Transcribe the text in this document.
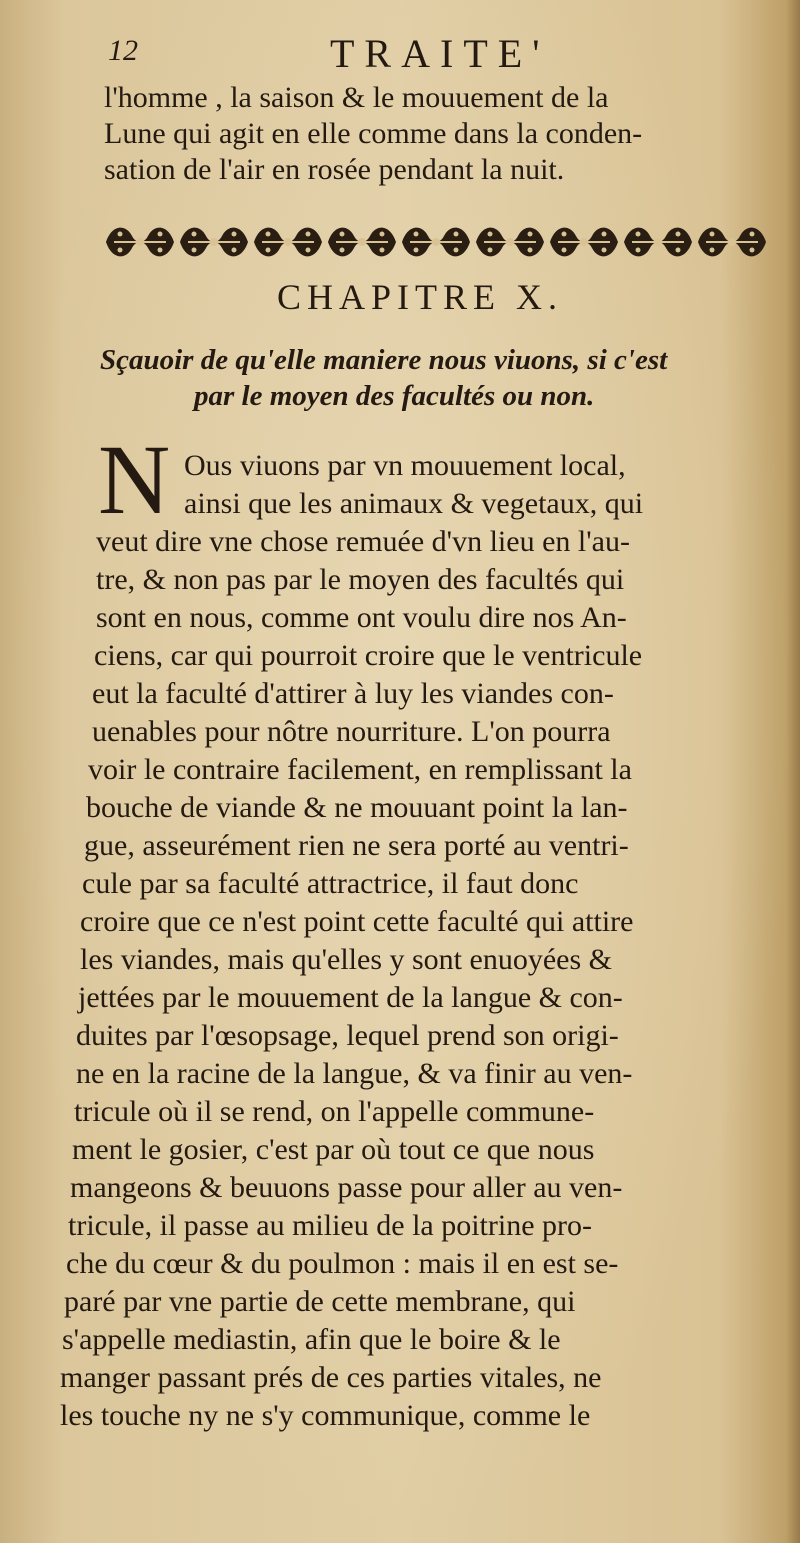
12	TRAITE'
l'homme , la saison & le mouuement de la
Lune qui agit en elle comme dans la conden-
sation de l'air en rosée pendant la nuit.
CHAPITRE X.
Sçauoir de qu'elle maniere nous viuons, si c'est
par le moyen des facultés ou non.
N Ous viuons par vn mouuement local,
ainsi que les animaux & vegetaux, qui
veut dire vne chose remuée d'vn lieu en l'au-
tre, & non pas par le moyen des facultés qui
sont en nous, comme ont voulu dire nos An-
ciens, car qui pourroit croire que le ventricule
eut la faculté d'attirer à luy les viandes con-
uenables pour nôtre nourriture. L'on pourra
voir le contraire facilement, en remplissant la
bouche de viande & ne mouuant point la lan-
gue, asseurément rien ne sera porté au ventri-
cule par sa faculté attractrice, il faut donc
croire que ce n'est point cette faculté qui attire
les viandes, mais qu'elles y sont enuoyées &
jettées par le mouuement de la langue & con-
duites par l'œsopsage, lequel prend son origi-
ne en la racine de la langue, & va finir au ven-
tricule où il se rend, on l'appelle commune-
ment le gosier, c'est par où tout ce que nous
mangeons & beuuons passe pour aller au ven-
tricule, il passe au milieu de la poitrine pro-
che du cœur & du poulmon : mais il en est se-
paré par vne partie de cette membrane, qui
s'appelle mediastin, afin que le boire & le
manger passant prés de ces parties vitales, ne
les touche ny ne s'y communique, comme le
